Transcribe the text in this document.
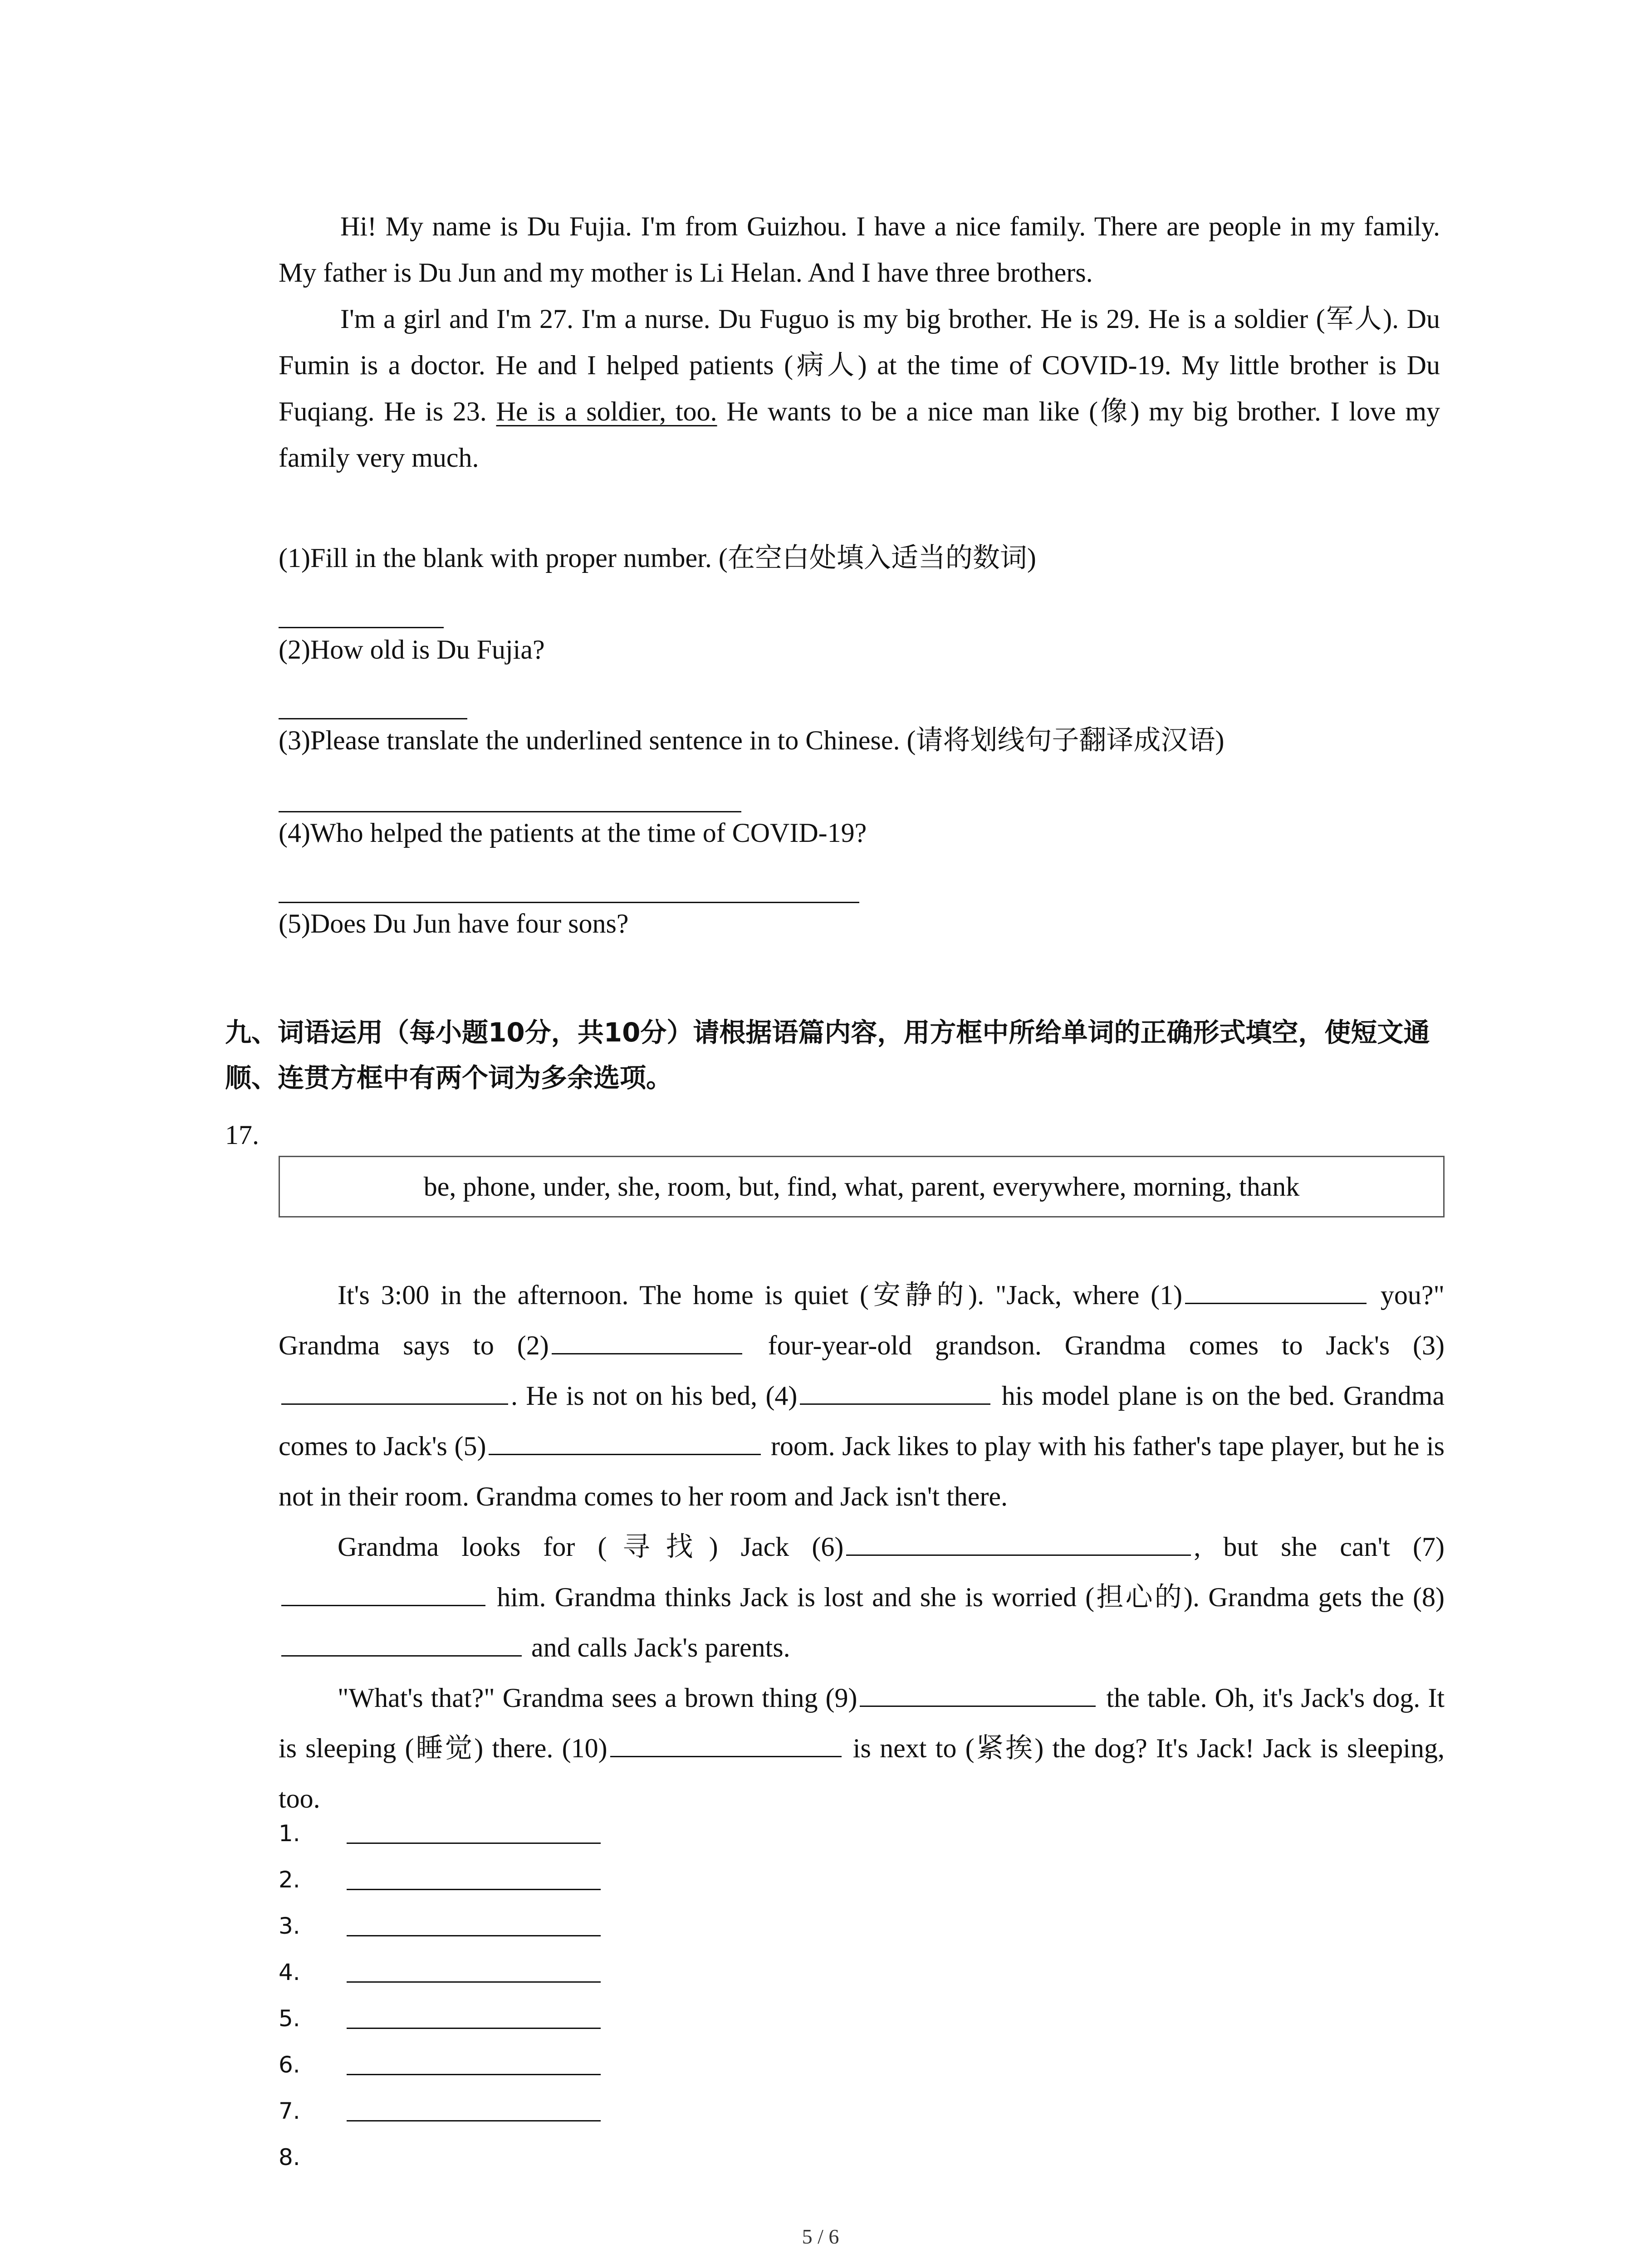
Hi! My name is Du Fujia. I'm from Guizhou. I have a nice family. There are people in my family. My father is Du Jun and my mother is Li Helan. And I have three brothers.

I'm a girl and I'm 27. I'm a nurse. Du Fuguo is my big brother. He is 29. He is a soldier (军人). Du Fumin is a doctor. He and I helped patients (病人) at the time of COVID-19. My little brother is Du Fuqiang. He is 23. He is a soldier, too. He wants to be a nice man like (像) my big brother. I love my family very much.

(1)Fill in the blank with proper number. (在空白处填入适当的数词)
(2)How old is Du Fujia?
(3)Please translate the underlined sentence in to Chinese. (请将划线句子翻译成汉语)
(4)Who helped the patients at the time of COVID-19?
(5)Does Du Jun have four sons?
九、词语运用（每小题10分，共10分）请根据语篇内容，用方框中所给单词的正确形式填空，使短文通顺、连贯方框中有两个词为多余选项。
17.
be, phone, under, she, room, but, find, what, parent, everywhere, morning, thank
It's 3:00 in the afternoon. The home is quiet (安静的). "Jack, where (1)	you?" Grandma says to (2)	four-year-old grandson. Grandma comes to Jack's (3). He is not on his bed, (4)	his model plane is on the bed. Grandma comes to Jack's (5)	room. Jack likes to play with his father's tape player, but he is not in their room. Grandma comes to her room and Jack isn't there.
Grandma looks for (寻找) Jack (6)	, but she can't (7) him. Grandma thinks Jack is lost and she is worried (担心的). Grandma gets the (8) and calls Jack's parents.
"What's that?" Grandma sees a brown thing (9)	the table. Oh, it's Jack's dog. It is sleeping (睡觉) there. (10)	is next to (紧挨) the dog? It's Jack! Jack is sleeping, too.
1.
2.
3.
4.
5.
6.
7.
8.
5 / 6
